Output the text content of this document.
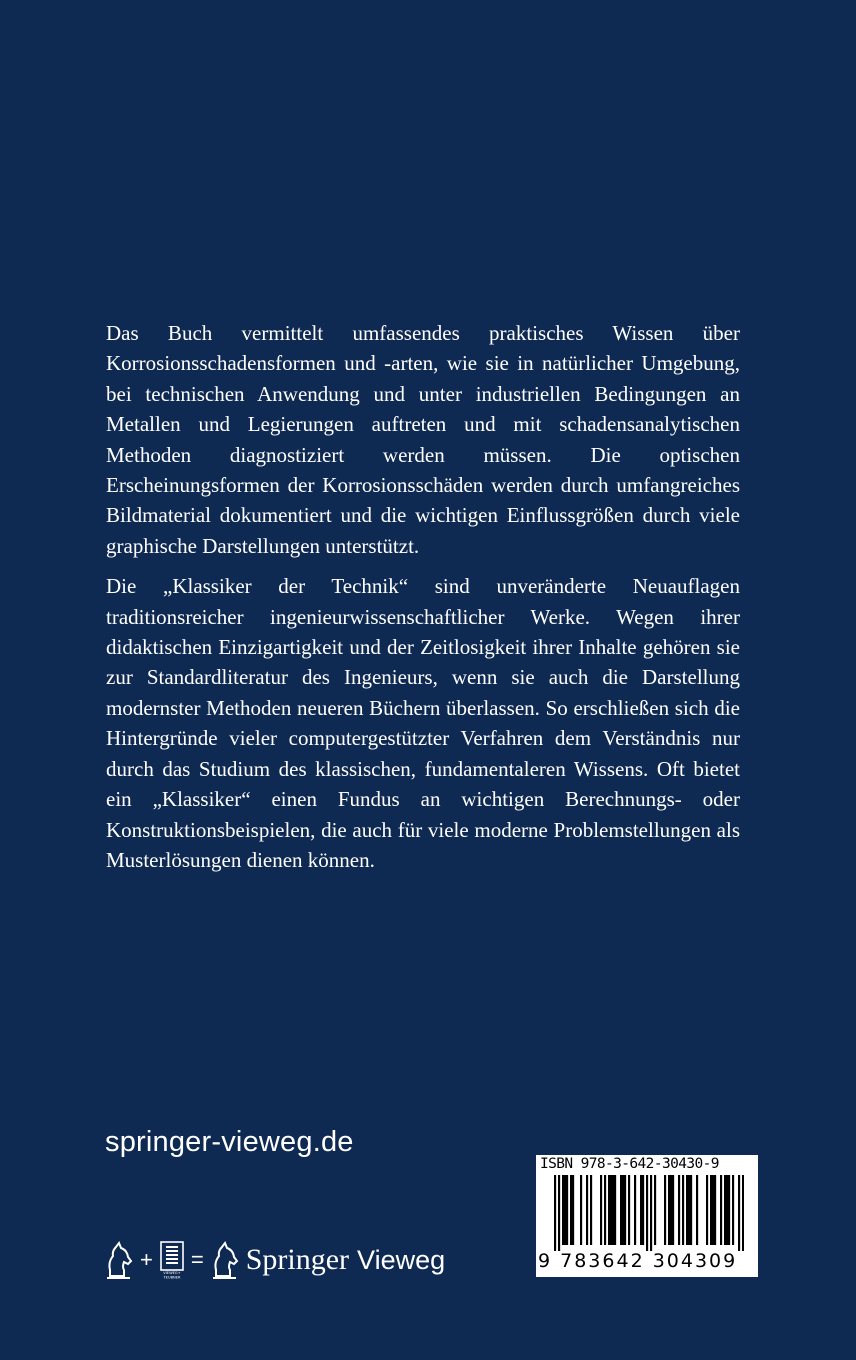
Das Buch vermittelt umfassendes praktisches Wissen über Korrosionsschadensformen und -arten, wie sie in natürlicher Umgebung, bei technischen Anwendung und unter industriellen Bedingungen an Metallen und Legierungen auftreten und mit schadensanalytischen Methoden diagnostiziert werden müssen. Die optischen Erscheinungsformen der Korrosionsschäden werden durch umfangreiches Bildmaterial dokumentiert und die wichtigen Einflussgrößen durch viele graphische Darstellungen unterstützt.

Die „Klassiker der Technik“ sind unveränderte Neuauflagen traditionsreicher ingenieurwissenschaftlicher Werke. Wegen ihrer didaktischen Einzigartigkeit und der Zeitlosigkeit ihrer Inhalte gehören sie zur Standardliteratur des Ingenieurs, wenn sie auch die Darstellung modernster Methoden neueren Büchern überlassen. So erschließen sich die Hintergründe vieler computergestützter Verfahren dem Verständnis nur durch das Studium des klassischen, fundamentaleren Wissens. Oft bietet ein „Klassiker“ einen Fundus an wichtigen Berechnungs- oder Konstruktionsbeispielen, die auch für viele moderne Problemstellungen als Musterlösungen dienen können.

springer-vieweg.de
+
VIEWEG+
TEUBNER
= Springer Vieweg
ISBN 978-3-642-30430-9
9 783642 304309
